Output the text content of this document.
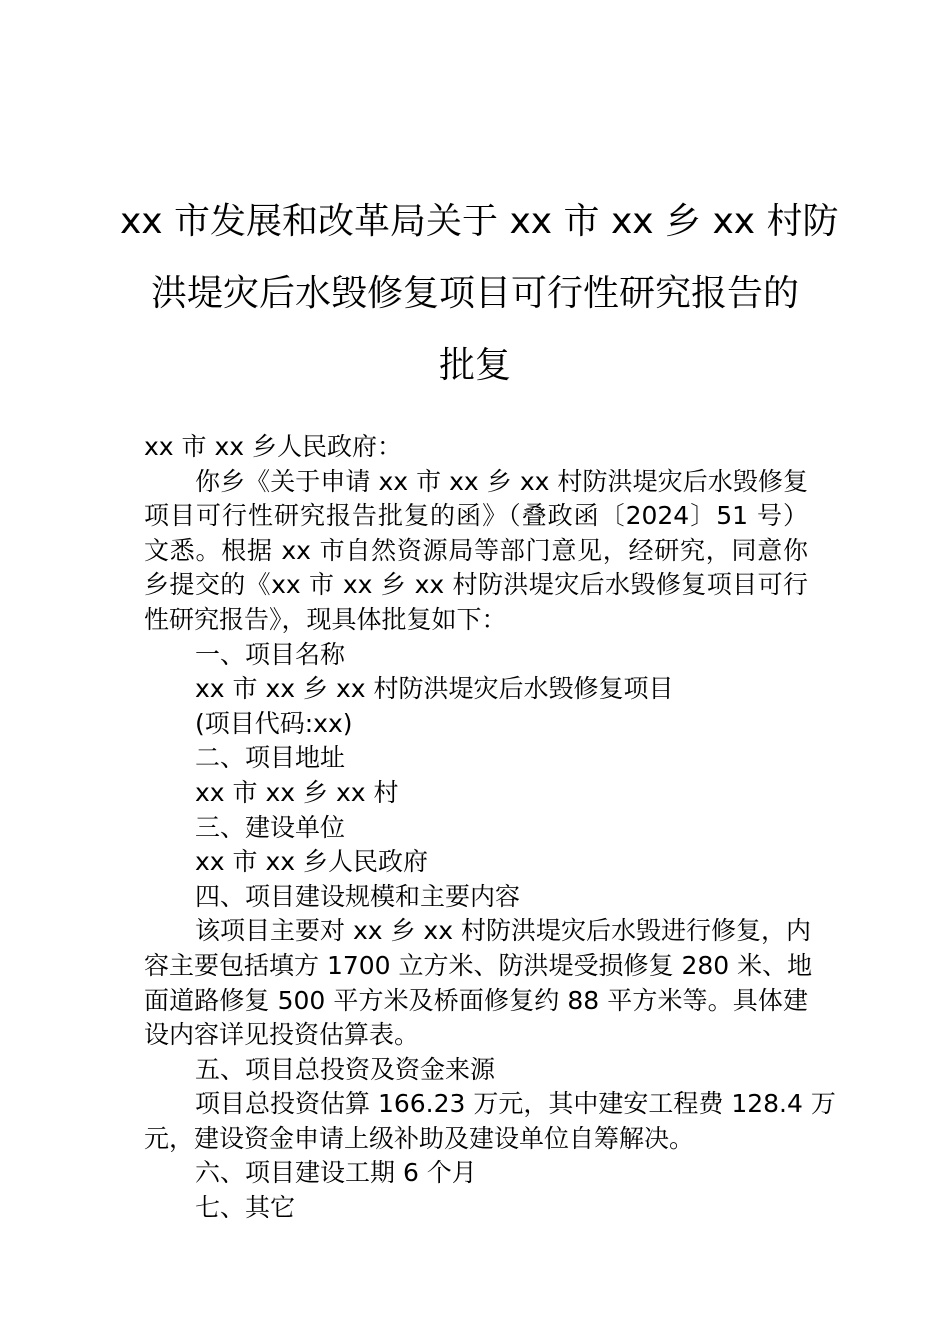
xx 市发展和改革局关于 xx 市 xx 乡 xx 村防
洪堤灾后水毁修复项目可行性研究报告的
批复
xx 市 xx 乡人民政府：
你乡《关于申请 xx 市 xx 乡 xx 村防洪堤灾后水毁修复
项目可行性研究报告批复的函》（叠政函〔2024〕51 号）
文悉。根据 xx 市自然资源局等部门意见，经研究，同意你
乡提交的《xx 市 xx 乡 xx 村防洪堤灾后水毁修复项目可行
性研究报告》，现具体批复如下：
一、项目名称
xx 市 xx 乡 xx 村防洪堤灾后水毁修复项目
(项目代码:xx)
二、项目地址
xx 市 xx 乡 xx 村
三、建设单位
xx 市 xx 乡人民政府
四、项目建设规模和主要内容
该项目主要对 xx 乡 xx 村防洪堤灾后水毁进行修复，内
容主要包括填方 1700 立方米、防洪堤受损修复 280 米、地
面道路修复 500 平方米及桥面修复约 88 平方米等。具体建
设内容详见投资估算表。
五、项目总投资及资金来源
项目总投资估算 166.23 万元，其中建安工程费 128.4 万
元，建设资金申请上级补助及建设单位自筹解决。
六、项目建设工期 6 个月
七、其它
